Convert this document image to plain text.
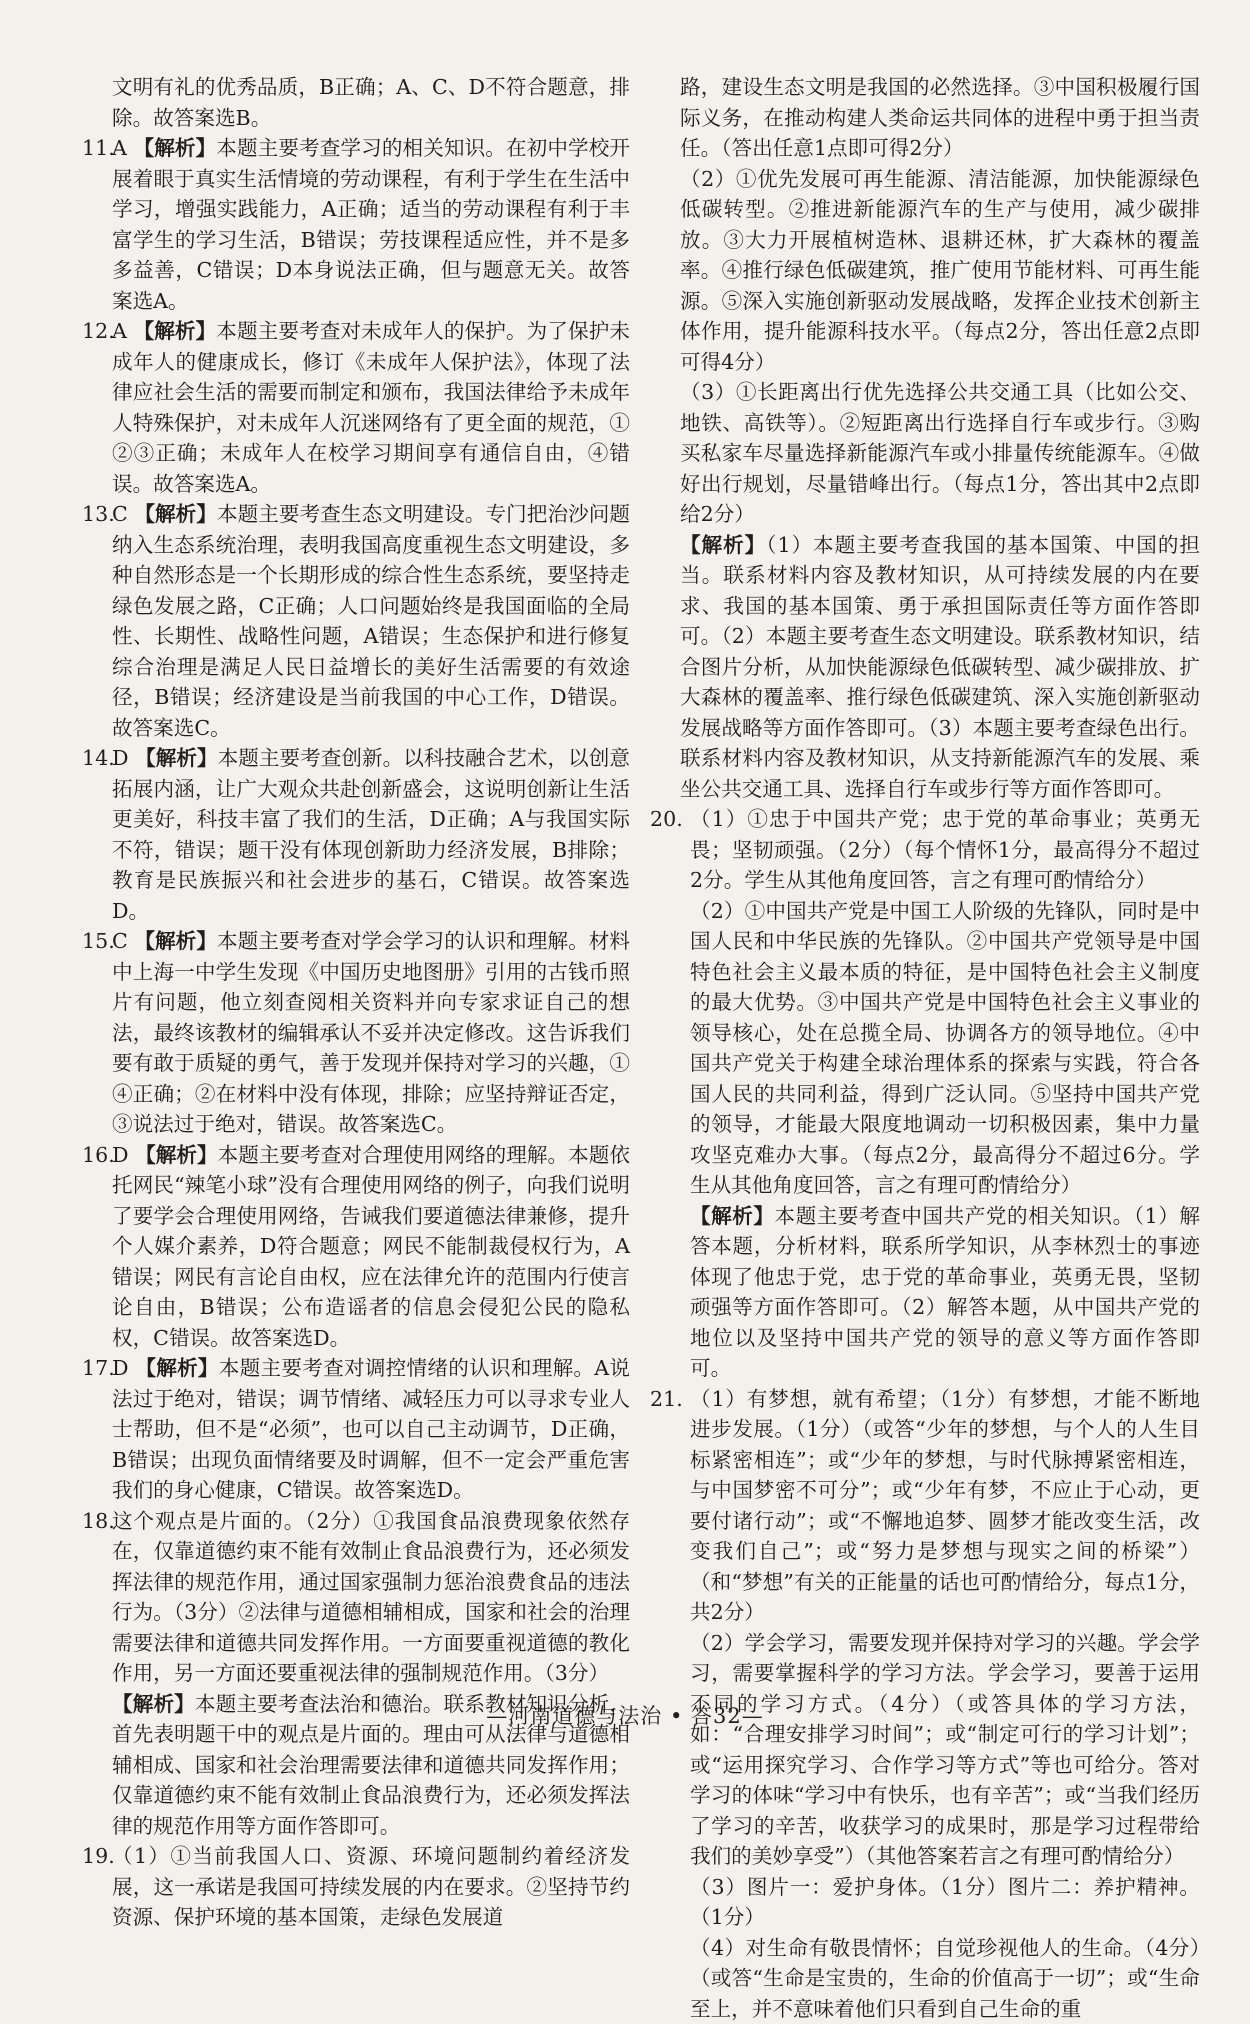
文明有礼的优秀品质，B正确；A、C、D不符合题意，排除。故答案选B。

11.

A 【解析】本题主要考查学习的相关知识。在初中学校开展着眼于真实生活情境的劳动课程，有利于学生在生活中学习，增强实践能力，A正确；适当的劳动课程有利于丰富学生的学习生活，B错误；劳技课程适应性，并不是多多益善，C错误；D本身说法正确，但与题意无关。故答案选A。

12.

A 【解析】本题主要考查对未成年人的保护。为了保护未成年人的健康成长，修订《未成年人保护法》，体现了法律应社会生活的需要而制定和颁布，我国法律给予未成年人特殊保护，对未成年人沉迷网络有了更全面的规范，①②③正确；未成年人在校学习期间享有通信自由，④错误。故答案选A。

13.

C 【解析】本题主要考查生态文明建设。专门把治沙问题纳入生态系统治理，表明我国高度重视生态文明建设，多种自然形态是一个长期形成的综合性生态系统，要坚持走绿色发展之路，C正确；人口问题始终是我国面临的全局性、长期性、战略性问题，A错误；生态保护和进行修复综合治理是满足人民日益增长的美好生活需要的有效途径，B错误；经济建设是当前我国的中心工作，D错误。故答案选C。

14.

D 【解析】本题主要考查创新。以科技融合艺术，以创意拓展内涵，让广大观众共赴创新盛会，这说明创新让生活更美好，科技丰富了我们的生活，D正确；A与我国实际不符，错误；题干没有体现创新助力经济发展，B排除；教育是民族振兴和社会进步的基石，C错误。故答案选D。

15.

C 【解析】本题主要考查对学会学习的认识和理解。材料中上海一中学生发现《中国历史地图册》引用的古钱币照片有问题，他立刻查阅相关资料并向专家求证自己的想法，最终该教材的编辑承认不妥并决定修改。这告诉我们要有敢于质疑的勇气，善于发现并保持对学习的兴趣，①④正确；②在材料中没有体现，排除；应坚持辩证否定，③说法过于绝对，错误。故答案选C。

16.

D 【解析】本题主要考查对合理使用网络的理解。本题依托网民“辣笔小球”没有合理使用网络的例子，向我们说明了要学会合理使用网络，告诫我们要道德法律兼修，提升个人媒介素养，D符合题意；网民不能制裁侵权行为，A错误；网民有言论自由权，应在法律允许的范围内行使言论自由，B错误；公布造谣者的信息会侵犯公民的隐私权，C错误。故答案选D。

17.

D 【解析】本题主要考查对调控情绪的认识和理解。A说法过于绝对，错误；调节情绪、减轻压力可以寻求专业人士帮助，但不是“必须”，也可以自己主动调节，D正确，B错误；出现负面情绪要及时调解，但不一定会严重危害我们的身心健康，C错误。故答案选D。

18.

这个观点是片面的。（2分）①我国食品浪费现象依然存在，仅靠道德约束不能有效制止食品浪费行为，还必须发挥法律的规范作用，通过国家强制力惩治浪费食品的违法行为。（3分）②法律与道德相辅相成，国家和社会的治理需要法律和道德共同发挥作用。一方面要重视道德的教化作用，另一方面还要重视法律的强制规范作用。（3分）

【解析】本题主要考查法治和德治。联系教材知识分析，首先表明题干中的观点是片面的。理由可从法律与道德相辅相成、国家和社会治理需要法律和道德共同发挥作用；仅靠道德约束不能有效制止食品浪费行为，还必须发挥法律的规范作用等方面作答即可。

19.

（1）①当前我国人口、资源、环境问题制约着经济发展，这一承诺是我国可持续发展的内在要求。②坚持节约资源、保护环境的基本国策，走绿色发展道

路，建设生态文明是我国的必然选择。③中国积极履行国际义务，在推动构建人类命运共同体的进程中勇于担当责任。（答出任意1点即可得2分）

（2）①优先发展可再生能源、清洁能源，加快能源绿色低碳转型。②推进新能源汽车的生产与使用，减少碳排放。③大力开展植树造林、退耕还林，扩大森林的覆盖率。④推行绿色低碳建筑，推广使用节能材料、可再生能源。⑤深入实施创新驱动发展战略，发挥企业技术创新主体作用，提升能源科技水平。（每点2分，答出任意2点即可得4分）

（3）①长距离出行优先选择公共交通工具（比如公交、地铁、高铁等）。②短距离出行选择自行车或步行。③购买私家车尽量选择新能源汽车或小排量传统能源车。④做好出行规划，尽量错峰出行。（每点1分，答出其中2点即给2分）

【解析】（1）本题主要考查我国的基本国策、中国的担当。联系材料内容及教材知识，从可持续发展的内在要求、我国的基本国策、勇于承担国际责任等方面作答即可。（2）本题主要考查生态文明建设。联系教材知识，结合图片分析，从加快能源绿色低碳转型、减少碳排放、扩大森林的覆盖率、推行绿色低碳建筑、深入实施创新驱动发展战略等方面作答即可。（3）本题主要考查绿色出行。联系材料内容及教材知识，从支持新能源汽车的发展、乘坐公共交通工具、选择自行车或步行等方面作答即可。

20. （1）①忠于中国共产党；忠于党的革命事业；英勇无畏；坚韧顽强。（2分）（每个情怀1分，最高得分不超过2分。学生从其他角度回答，言之有理可酌情给分）

（2）①中国共产党是中国工人阶级的先锋队，同时是中国人民和中华民族的先锋队。②中国共产党领导是中国特色社会主义最本质的特征，是中国特色社会主义制度的最大优势。③中国共产党是中国特色社会主义事业的领导核心，处在总揽全局、协调各方的领导地位。④中国共产党关于构建全球治理体系的探索与实践，符合各国人民的共同利益，得到广泛认同。⑤坚持中国共产党的领导，才能最大限度地调动一切积极因素，集中力量攻坚克难办大事。（每点2分，最高得分不超过6分。学生从其他角度回答，言之有理可酌情给分）

【解析】本题主要考查中国共产党的相关知识。（1）解答本题，分析材料，联系所学知识，从李林烈士的事迹体现了他忠于党，忠于党的革命事业，英勇无畏，坚韧顽强等方面作答即可。（2）解答本题，从中国共产党的地位以及坚持中国共产党的领导的意义等方面作答即可。

21. （1）有梦想，就有希望；（1分）有梦想，才能不断地进步发展。（1分）（或答“少年的梦想，与个人的人生目标紧密相连”；或“少年的梦想，与时代脉搏紧密相连，与中国梦密不可分”；或“少年有梦，不应止于心动，更要付诸行动”；或“不懈地追梦、圆梦才能改变生活，改变我们自己”；或“努力是梦想与现实之间的桥梁”）（和“梦想”有关的正能量的话也可酌情给分，每点1分，共2分）

（2）学会学习，需要发现并保持对学习的兴趣。学会学习，需要掌握科学的学习方法。学会学习，要善于运用不同的学习方式。（4分）（或答具体的学习方法，如：“合理安排学习时间”；或“制定可行的学习计划”；或“运用探究学习、合作学习等方式”等也可给分。答对学习的体味“学习中有快乐，也有辛苦”；或“当我们经历了学习的辛苦，收获学习的成果时，那是学习过程带给我们的美妙享受”）（其他答案若言之有理可酌情给分）

（3）图片一：爱护身体。（1分）图片二：养护精神。（1分）

（4）对生命有敬畏情怀；自觉珍视他人的生命。（4分）（或答“生命是宝贵的，生命的价值高于一切”；或“生命至上，并不意味着他们只看到自己生命的重

—河南道德与法治 • 答32—
